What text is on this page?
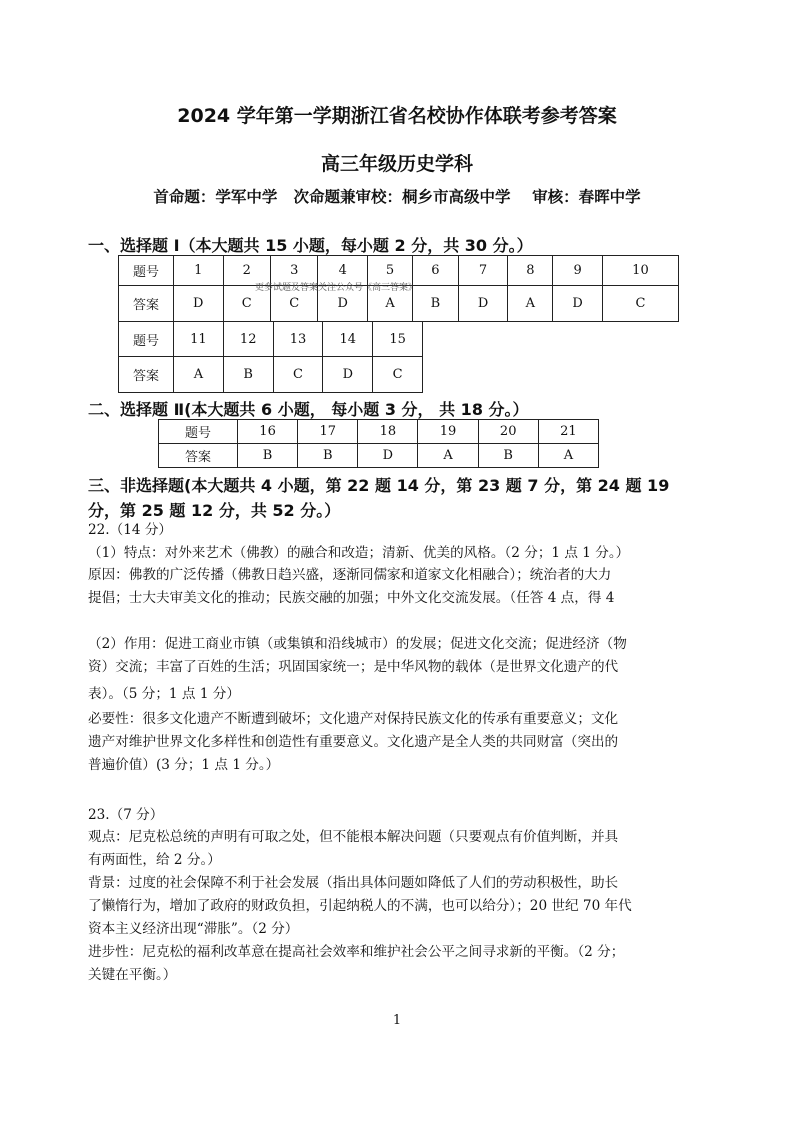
2024 学年第一学期浙江省名校协作体联考参考答案
高三年级历史学科
首命题：学军中学   次命题兼审校：桐乡市高级中学    审核：春晖中学
一、选择题 Ⅰ（本大题共 15 小题，每小题 2 分，共 30 分。）
题号	1	2	3	4	5	6	7	8	9	10
答案	D	C	C	D	A	B	D	A	D	C
更多试题及答案关注公众号《高三答案》
题号	11	12	13	14	15
答案	A	B	C	D	C
二、选择题 Ⅱ(本大题共 6 小题， 每小题 3 分， 共 18 分。）
题号	16	17	18	19	20	21
答案	B	B	D	A	B	A
三、非选择题(本大题共 4 小题，第 22 题 14 分，第 23 题 7 分，第 24 题 19
分，第 25 题 12 分，共 52 分。）
22.（14 分）
（1）特点：对外来艺术（佛教）的融合和改造；清新、优美的风格。（2 分；1 点 1 分。）
原因：佛教的广泛传播（佛教日趋兴盛，逐渐同儒家和道家文化相融合）；统治者的大力
提倡；士大夫审美文化的推动；民族交融的加强；中外文化交流发展。（任答 4 点，得 4
（2）作用：促进工商业市镇（或集镇和沿线城市）的发展；促进文化交流；促进经济（物
资）交流；丰富了百姓的生活；巩固国家统一；是中华风物的载体（是世界文化遗产的代
表）。（5 分；1 点 1 分）
必要性：很多文化遗产不断遭到破坏；文化遗产对保持民族文化的传承有重要意义；文化
遗产对维护世界文化多样性和创造性有重要意义。文化遗产是全人类的共同财富（突出的
普遍价值）(3 分；1 点 1 分。）
23.（7 分）
观点：尼克松总统的声明有可取之处，但不能根本解决问题（只要观点有价值判断，并具
有两面性，给 2 分。）
背景：过度的社会保障不利于社会发展（指出具体问题如降低了人们的劳动积极性，助长
了懒惰行为，增加了政府的财政负担，引起纳税人的不满，也可以给分）；20 世纪 70 年代
资本主义经济出现“滞胀”。（2 分）
进步性：尼克松的福利改革意在提高社会效率和维护社会公平之间寻求新的平衡。（2 分；
关键在平衡。）
1
